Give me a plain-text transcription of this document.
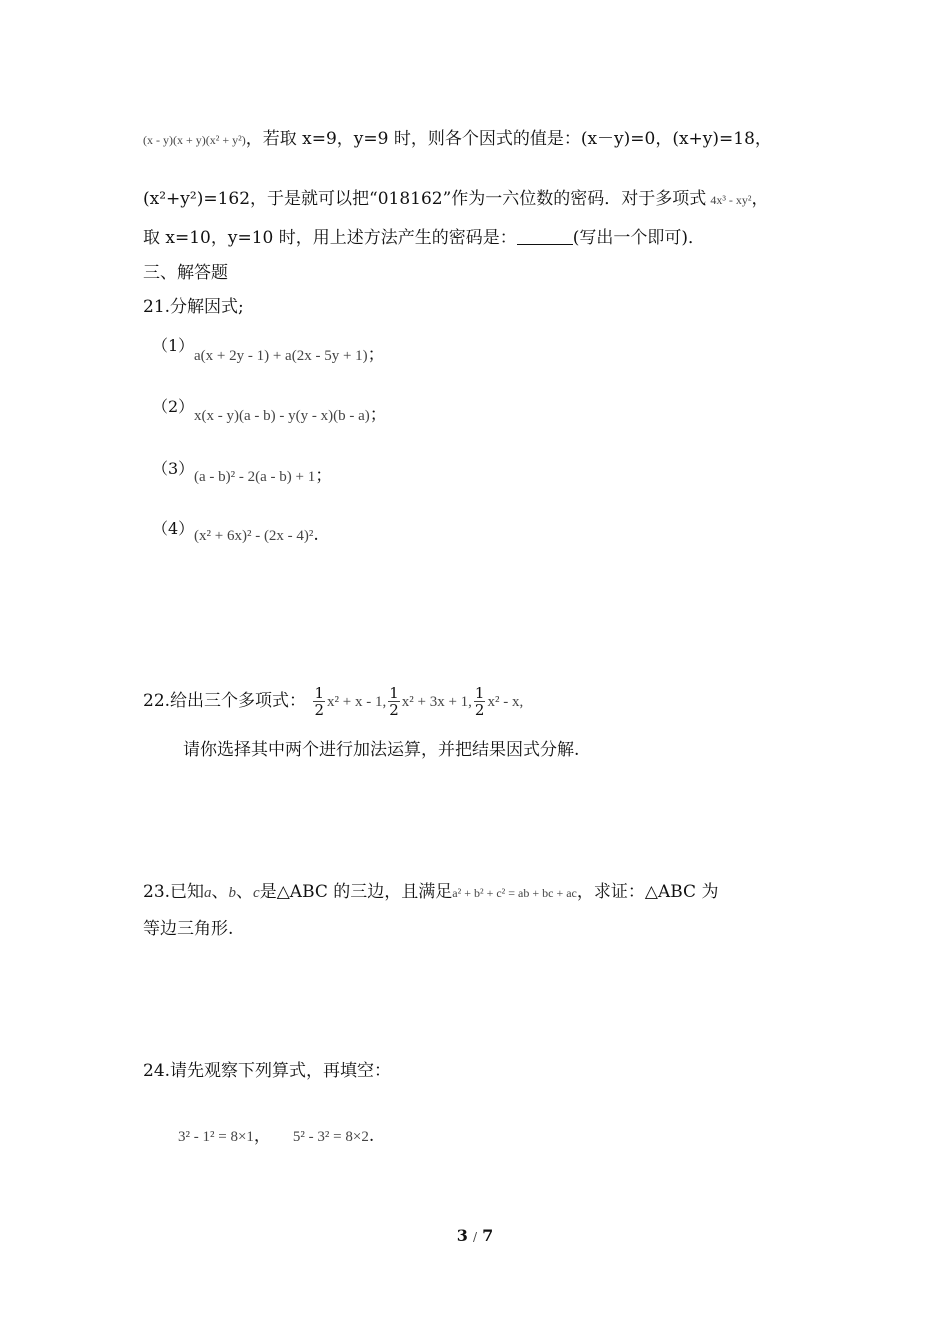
(x - y)(x + y)(x² + y²)，若取 x=9，y=9 时，则各个因式的值是：(x－y)=0，(x+y)=18，
(x²+y²)=162，于是就可以把“018162”作为一六位数的密码．对于多项式 4x³ - xy²，
取 x=10，y=10 时，用上述方法产生的密码是：	(写出一个即可)．
三、解答题
21.分解因式;
（1）
a(x + 2y - 1) + a(2x - 5y + 1)；
（2） x(x - y)(a - b) - y(y - x)(b - a)；
（3） (a - b)² - 2(a - b) + 1；
（4） (x² + 6x)² - (2x - 4)².
22.给出三个多项式： $\frac{1}{2} x^2 + x - 1$, $\frac{1}{2} x^2 + 3x + 1$, $\frac{1}{2} x^2$ - x,
请你选择其中两个进行加法运算，并把结果因式分解.
23.已知a、b、c是△ABC 的三边，且满足a² + b² + c² = ab + bc + ac，求证：△ABC 为
等边三角形.
24.请先观察下列算式，再填空：
3² - 1² = 8×1， 5² - 3² = 8×2.
3 / 7
